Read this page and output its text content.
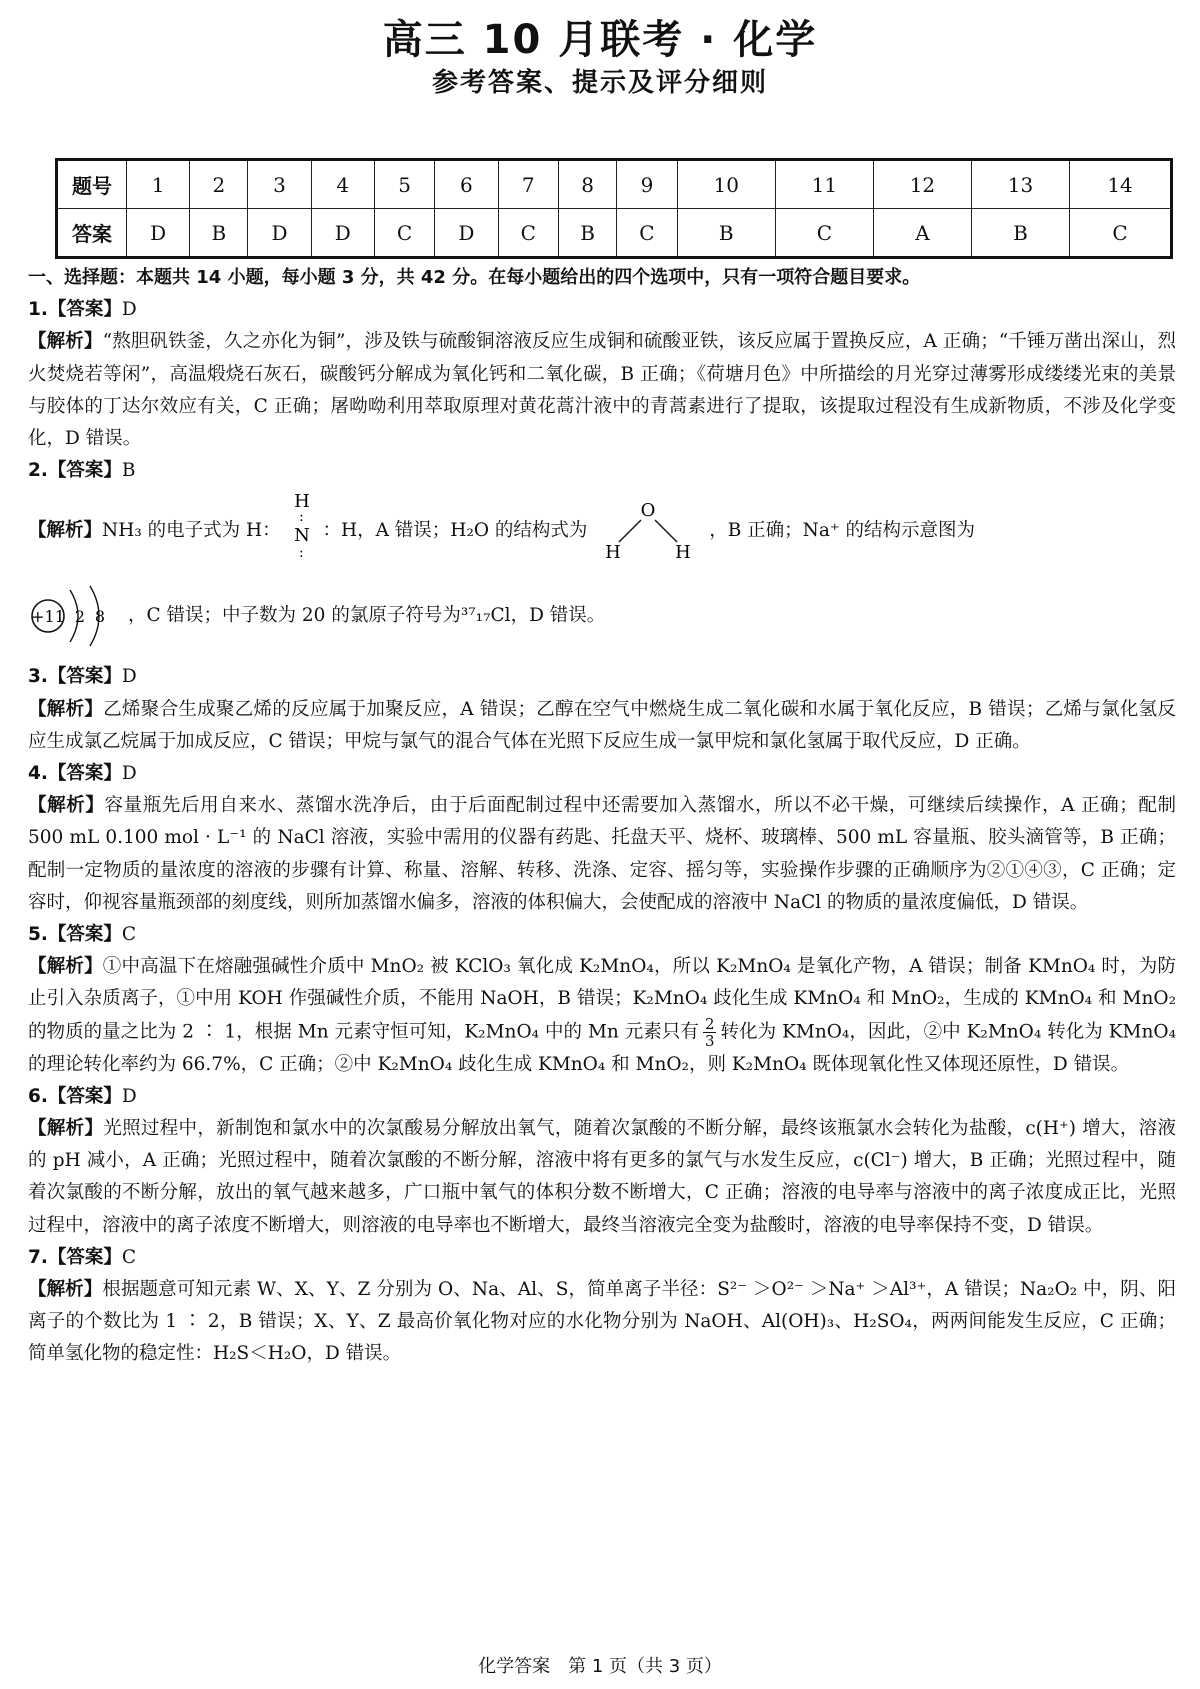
高三 10 月联考 · 化学
参考答案、提示及评分细则
题号	1	2	3	4	5	6	7	8	9	10	11	12	13	14
答案	D	B	D	D	C	D	C	B	C	B	C	A	B	C
一、选择题：本题共 14 小题，每小题 3 分，共 42 分。在每小题给出的四个选项中，只有一项符合题目要求。
1.【答案】D
【解析】“熬胆矾铁釜，久之亦化为铜”，涉及铁与硫酸铜溶液反应生成铜和硫酸亚铁，该反应属于置换反应，A 正确；“千锤万凿出深山，烈火焚烧若等闲”，高温煅烧石灰石，碳酸钙分解成为氧化钙和二氧化碳，B 正确；《荷塘月色》中所描绘的月光穿过薄雾形成缕缕光束的美景与胶体的丁达尔效应有关，C 正确；屠呦呦利用萃取原理对黄花蒿汁液中的青蒿素进行了提取，该提取过程没有生成新物质，不涉及化学变化，D 错误。
2.【答案】B
【解析】NH₃ 的电子式为 H：
H
:
N
:
：H，A 错误；H₂O 的结构式为
O
H	H
，B 正确；Na⁺ 的结构示意图为
+11 2 8 ，C 错误；中子数为 20 的氯原子符号为³⁷₁₇Cl，D 错误。
3.【答案】D
【解析】乙烯聚合生成聚乙烯的反应属于加聚反应，A 错误；乙醇在空气中燃烧生成二氧化碳和水属于氧化反应，B 错误；乙烯与氯化氢反应生成氯乙烷属于加成反应，C 错误；甲烷与氯气的混合气体在光照下反应生成一氯甲烷和氯化氢属于取代反应，D 正确。
4.【答案】D
【解析】容量瓶先后用自来水、蒸馏水洗净后，由于后面配制过程中还需要加入蒸馏水，所以不必干燥，可继续后续操作，A 正确；配制 500 mL 0.100 mol · L⁻¹ 的 NaCl 溶液，实验中需用的仪器有药匙、托盘天平、烧杯、玻璃棒、500 mL 容量瓶、胶头滴管等，B 正确；配制一定物质的量浓度的溶液的步骤有计算、称量、溶解、转移、洗涤、定容、摇匀等，实验操作步骤的正确顺序为②①④③，C 正确；定容时，仰视容量瓶颈部的刻度线，则所加蒸馏水偏多，溶液的体积偏大，会使配成的溶液中 NaCl 的物质的量浓度偏低，D 错误。
5.【答案】C
【解析】①中高温下在熔融强碱性介质中 MnO₂ 被 KClO₃ 氧化成 K₂MnO₄，所以 K₂MnO₄ 是氧化产物，A 错误；制备 KMnO₄ 时，为防止引入杂质离子，①中用 KOH 作强碱性介质，不能用 NaOH，B 错误；K₂MnO₄ 歧化生成 KMnO₄ 和 MnO₂，生成的 KMnO₄ 和 MnO₂ 的物质的量之比为 2 ∶ 1，根据 Mn 元素守恒可知，K₂MnO₄ 中的 Mn 元素只有 $\frac{2}{3}$ 转化为 KMnO₄，因此，②中 K₂MnO₄ 转化为 KMnO₄ 的理论转化率约为 66.7%，C 正确；②中 K₂MnO₄ 歧化生成 KMnO₄ 和 MnO₂，则 K₂MnO₄ 既体现氧化性又体现还原性，D 错误。
6.【答案】D
【解析】光照过程中，新制饱和氯水中的次氯酸易分解放出氧气，随着次氯酸的不断分解，最终该瓶氯水会转化为盐酸，c(H⁺) 增大，溶液的 pH 减小，A 正确；光照过程中，随着次氯酸的不断分解，溶液中将有更多的氯气与水发生反应，c(Cl⁻) 增大，B 正确；光照过程中，随着次氯酸的不断分解，放出的氧气越来越多，广口瓶中氧气的体积分数不断增大，C 正确；溶液的电导率与溶液中的离子浓度成正比，光照过程中，溶液中的离子浓度不断增大，则溶液的电导率也不断增大，最终当溶液完全变为盐酸时，溶液的电导率保持不变，D 错误。
7.【答案】C
【解析】根据题意可知元素 W、X、Y、Z 分别为 O、Na、Al、S，简单离子半径：S²⁻ ＞O²⁻ ＞Na⁺ ＞Al³⁺，A 错误；Na₂O₂ 中，阴、阳离子的个数比为 1 ∶ 2，B 错误；X、Y、Z 最高价氧化物对应的水化物分别为 NaOH、Al(OH)₃、H₂SO₄，两两间能发生反应，C 正确；简单氢化物的稳定性：H₂S＜H₂O，D 错误。
化学答案　第 1 页（共 3 页）
